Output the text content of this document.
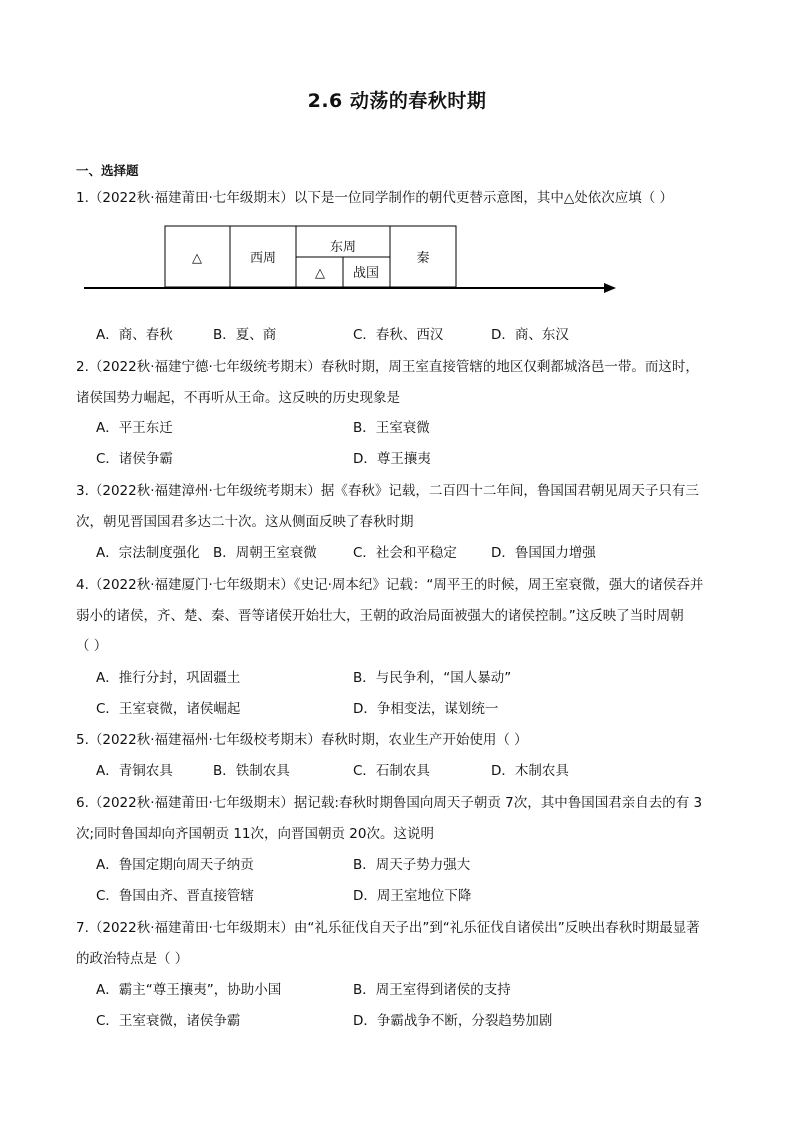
2.6 动荡的春秋时期
一、选择题
1.（2022秋·福建莆田·七年级期末）以下是一位同学制作的朝代更替示意图，其中△处依次应填（ ）
△	西周
东周
秦
△ 战国
A．商、春秋	B．夏、商	C．春秋、西汉	D．商、东汉
2.（2022秋·福建宁德·七年级统考期末）春秋时期，周王室直接管辖的地区仅剩都城洛邑一带。而这时，
诸侯国势力崛起，不再听从王命。这反映的历史现象是
A．平王东迁	B．王室衰微
C．诸侯争霸	D．尊王攘夷
3.（2022秋·福建漳州·七年级统考期末）据《春秋》记载，二百四十二年间，鲁国国君朝见周天子只有三
次，朝见晋国国君多达二十次。这从侧面反映了春秋时期
A．宗法制度强化 B．周朝王室衰微	C．社会和平稳定	D．鲁国国力增强
4.（2022秋·福建厦门·七年级期末）《史记·周本纪》记载：“周平王的时候，周王室衰微，强大的诸侯吞并
弱小的诸侯，齐、楚、秦、晋等诸侯开始壮大，王朝的政治局面被强大的诸侯控制。”这反映了当时周朝
（ ）
A．推行分封，巩固疆土	B．与民争利，“国人暴动”
C．王室衰微，诸侯崛起	D．争相变法，谋划统一
5.（2022秋·福建福州·七年级校考期末）春秋时期，农业生产开始使用（ ）
A．青铜农具	B．铁制农具	C．石制农具	D．木制农具
6.（2022秋·福建莆田·七年级期末）据记载:春秋时期鲁国向周天子朝贡 7次，其中鲁国国君亲自去的有 3
次;同时鲁国却向齐国朝贡 11次，向晋国朝贡 20次。这说明
A．鲁国定期向周天子纳贡	B．周天子势力强大
C．鲁国由齐、晋直接管辖	D．周王室地位下降
7.（2022秋·福建莆田·七年级期末）由“礼乐征伐自天子出”到“礼乐征伐自诸侯出”反映出春秋时期最显著
的政治特点是（ ）
A．霸主“尊王攘夷”，协助小国	B．周王室得到诸侯的支持
C．王室衰微，诸侯争霸	D．争霸战争不断，分裂趋势加剧
